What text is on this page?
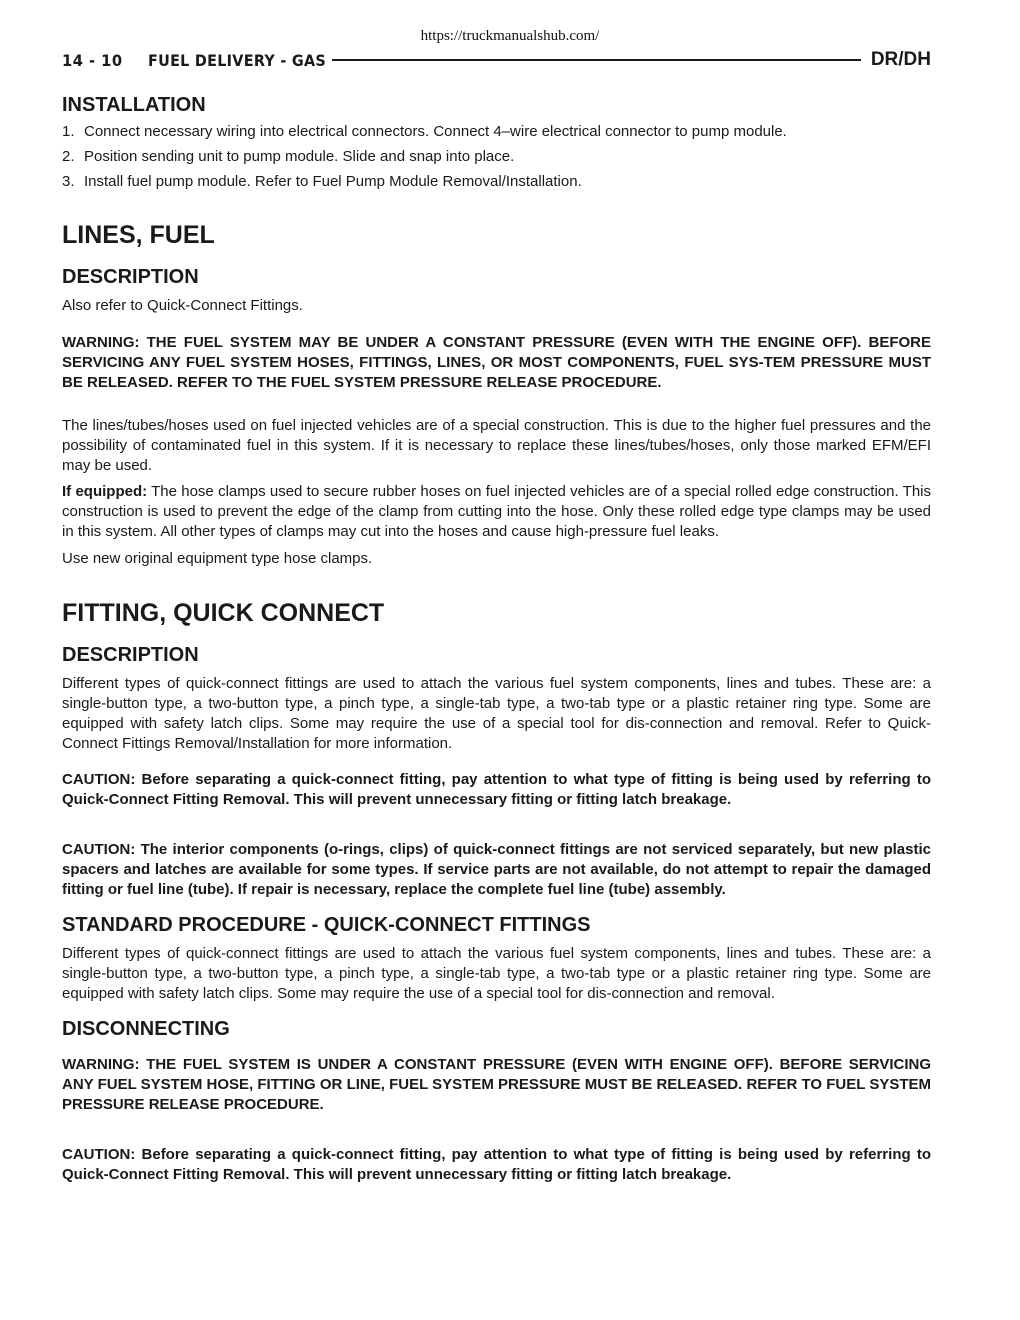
https://truckmanualshub.com/
14 - 10 FUEL DELIVERY - GAS	DR/DH
INSTALLATION
1. Connect necessary wiring into electrical connectors. Connect 4–wire electrical connector to pump module.
2. Position sending unit to pump module. Slide and snap into place.
3. Install fuel pump module. Refer to Fuel Pump Module Removal/Installation.
LINES, FUEL
DESCRIPTION

Also refer to Quick-Connect Fittings.

WARNING: THE FUEL SYSTEM MAY BE UNDER A CONSTANT PRESSURE (EVEN WITH THE ENGINE OFF). BEFORE SERVICING ANY FUEL SYSTEM HOSES, FITTINGS, LINES, OR MOST COMPONENTS, FUEL SYS-TEM PRESSURE MUST BE RELEASED. REFER TO THE FUEL SYSTEM PRESSURE RELEASE PROCEDURE.

The lines/tubes/hoses used on fuel injected vehicles are of a special construction. This is due to the higher fuel pressures and the possibility of contaminated fuel in this system. If it is necessary to replace these lines/tubes/hoses, only those marked EFM/EFI may be used.

If equipped: The hose clamps used to secure rubber hoses on fuel injected vehicles are of a special rolled edge construction. This construction is used to prevent the edge of the clamp from cutting into the hose. Only these rolled edge type clamps may be used in this system. All other types of clamps may cut into the hoses and cause high-pressure fuel leaks.

Use new original equipment type hose clamps.

FITTING, QUICK CONNECT
DESCRIPTION

Different types of quick-connect fittings are used to attach the various fuel system components, lines and tubes. These are: a single-button type, a two-button type, a pinch type, a single-tab type, a two-tab type or a plastic retainer ring type. Some are equipped with safety latch clips. Some may require the use of a special tool for dis-connection and removal. Refer to Quick-Connect Fittings Removal/Installation for more information.

CAUTION: Before separating a quick-connect fitting, pay attention to what type of fitting is being used by referring to Quick-Connect Fitting Removal. This will prevent unnecessary fitting or fitting latch breakage.

CAUTION: The interior components (o-rings, clips) of quick-connect fittings are not serviced separately, but new plastic spacers and latches are available for some types. If service parts are not available, do not attempt to repair the damaged fitting or fuel line (tube). If repair is necessary, replace the complete fuel line (tube) assembly.

STANDARD PROCEDURE - QUICK-CONNECT FITTINGS

Different types of quick-connect fittings are used to attach the various fuel system components, lines and tubes. These are: a single-button type, a two-button type, a pinch type, a single-tab type, a two-tab type or a plastic retainer ring type. Some are equipped with safety latch clips. Some may require the use of a special tool for dis-connection and removal.

DISCONNECTING

WARNING: THE FUEL SYSTEM IS UNDER A CONSTANT PRESSURE (EVEN WITH ENGINE OFF). BEFORE SERVICING ANY FUEL SYSTEM HOSE, FITTING OR LINE, FUEL SYSTEM PRESSURE MUST BE RELEASED. REFER TO FUEL SYSTEM PRESSURE RELEASE PROCEDURE.

CAUTION: Before separating a quick-connect fitting, pay attention to what type of fitting is being used by referring to Quick-Connect Fitting Removal. This will prevent unnecessary fitting or fitting latch breakage.
